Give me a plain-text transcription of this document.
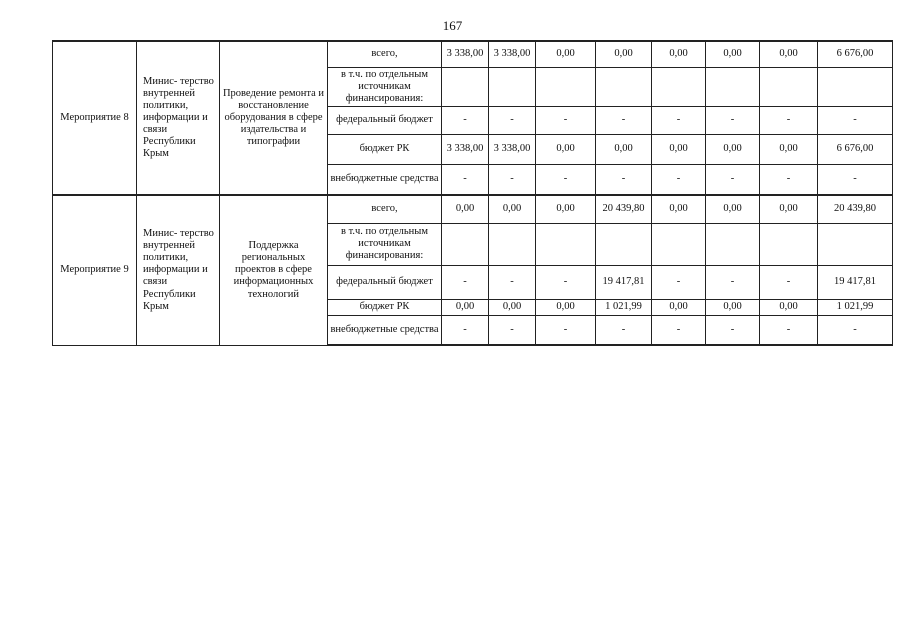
167
Мероприятие 8	Минис- терство внутренней политики, информации и связи Республики Крым	Проведение ремонта и восстановление оборудования в сфере издательства и типографии	всего,	3 338,00	3 338,00	0,00	0,00	0,00	0,00	0,00	6 676,00
			в т.ч. по отдельным источникам финансирования:								
			федеральный бюджет	-	-	-	-	-	-	-	-
			бюджет РК	3 338,00	3 338,00	0,00	0,00	0,00	0,00	0,00	6 676,00
			внебюджетные средства	-	-	-	-	-	-	-	-
Мероприятие 9	Минис- терство внутренней политики, информации и связи Республики Крым	Поддержка региональных проектов в сфере информационных технологий	всего,	0,00	0,00	0,00	20 439,80	0,00	0,00	0,00	20 439,80
			в т.ч. по отдельным источникам финансирования:								
			федеральный бюджет	-	-	-	19 417,81	-	-	-	19 417,81
			бюджет РК	0,00	0,00	0,00	1 021,99	0,00	0,00	0,00	1 021,99
			внебюджетные средства	-	-	-	-	-	-	-	-
